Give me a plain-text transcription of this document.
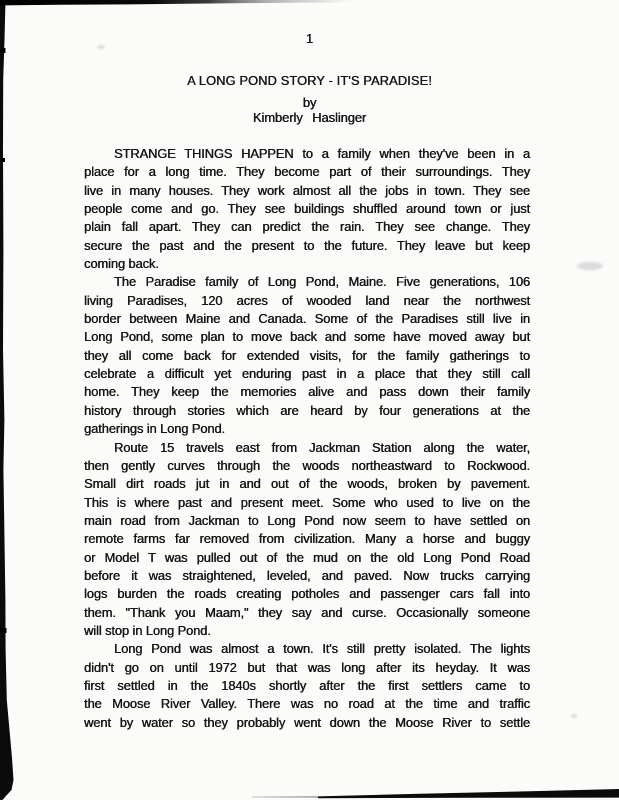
1
A LONG POND STORY - IT'S PARADISE!
by
Kimberly Haslinger
STRANGE THINGS HAPPEN to a family when they've been in a
place for a long time. They become part of their surroundings. They
live in many houses. They work almost all the jobs in town. They see
people come and go. They see buildings shuffled around town or just
plain fall apart. They can predict the rain. They see change. They
secure the past and the present to the future. They leave but keep
coming back.
The Paradise family of Long Pond, Maine. Five generations, 106
living Paradises, 120 acres of wooded land near the northwest
border between Maine and Canada. Some of the Paradises still live in
Long Pond, some plan to move back and some have moved away but
they all come back for extended visits, for the family gatherings to
celebrate a difficult yet enduring past in a place that they still call
home. They keep the memories alive and pass down their family
history through stories which are heard by four generations at the
gatherings in Long Pond.
Route 15 travels east from Jackman Station along the water,
then gently curves through the woods northeastward to Rockwood.
Small dirt roads jut in and out of the woods, broken by pavement.
This is where past and present meet. Some who used to live on the
main road from Jackman to Long Pond now seem to have settled on
remote farms far removed from civilization. Many a horse and buggy
or Model T was pulled out of the mud on the old Long Pond Road
before it was straightened, leveled, and paved. Now trucks carrying
logs burden the roads creating potholes and passenger cars fall into
them. "Thank you Maam," they say and curse. Occasionally someone
will stop in Long Pond.
Long Pond was almost a town. It's still pretty isolated. The lights
didn't go on until 1972 but that was long after its heyday. It was
first settled in the 1840s shortly after the first settlers came to
the Moose River Valley. There was no road at the time and traffic
went by water so they probably went down the Moose River to settle
